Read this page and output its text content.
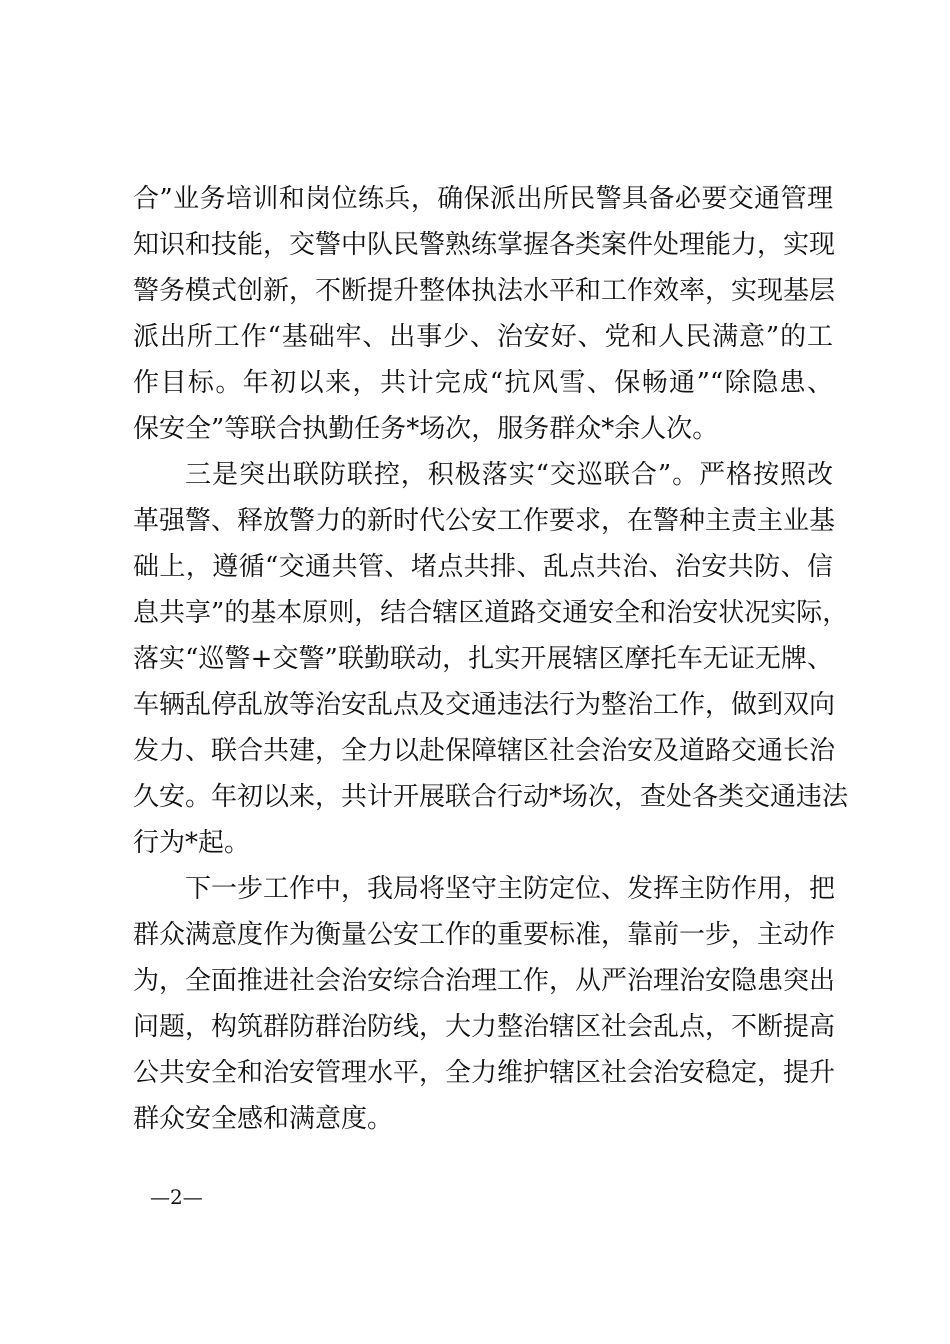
合”业务培训和岗位练兵，确保派出所民警具备必要交通管理
知识和技能，交警中队民警熟练掌握各类案件处理能力，实现
警务模式创新，不断提升整体执法水平和工作效率，实现基层
派出所工作“基础牢、出事少、治安好、党和人民满意”的工
作目标。年初以来，共计完成“抗风雪、保畅通”“除隐患、
保安全”等联合执勤任务*场次，服务群众*余人次。
三是突出联防联控，积极落实“交巡联合”。严格按照改
革强警、释放警力的新时代公安工作要求，在警种主责主业基
础上，遵循“交通共管、堵点共排、乱点共治、治安共防、信
息共享”的基本原则，结合辖区道路交通安全和治安状况实际，
落实“巡警+交警”联勤联动，扎实开展辖区摩托车无证无牌、
车辆乱停乱放等治安乱点及交通违法行为整治工作，做到双向
发力、联合共建，全力以赴保障辖区社会治安及道路交通长治
久安。年初以来，共计开展联合行动*场次，查处各类交通违法
行为*起。
下一步工作中，我局将坚守主防定位、发挥主防作用，把
群众满意度作为衡量公安工作的重要标准，靠前一步，主动作
为，全面推进社会治安综合治理工作，从严治理治安隐患突出
问题，构筑群防群治防线，大力整治辖区社会乱点，不断提高
公共安全和治安管理水平，全力维护辖区社会治安稳定，提升
群众安全感和满意度。
—2—
